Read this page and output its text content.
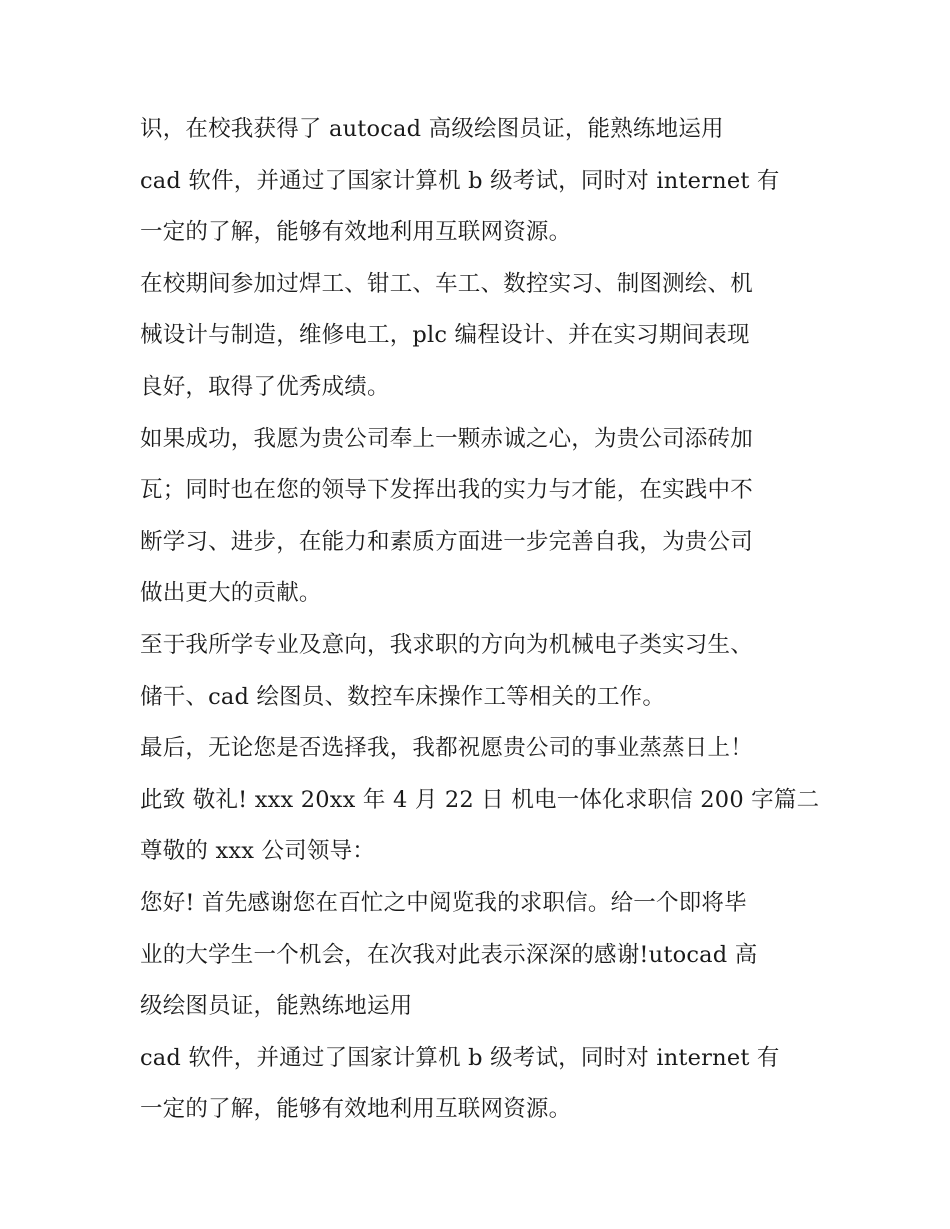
识，在校我获得了 autocad 高级绘图员证，能熟练地运用
cad 软件，并通过了国家计算机 b 级考试，同时对 internet 有
一定的了解，能够有效地利用互联网资源。
在校期间参加过焊工、钳工、车工、数控实习、制图测绘、机
械设计与制造，维修电工，plc 编程设计、并在实习期间表现
良好，取得了优秀成绩。
如果成功，我愿为贵公司奉上一颗赤诚之心，为贵公司添砖加
瓦；同时也在您的领导下发挥出我的实力与才能，在实践中不
断学习、进步，在能力和素质方面进一步完善自我，为贵公司
做出更大的贡献。
至于我所学专业及意向，我求职的方向为机械电子类实习生、
储干、cad 绘图员、数控车床操作工等相关的工作。
最后，无论您是否选择我，我都祝愿贵公司的事业蒸蒸日上！
此致 敬礼! xxx 20xx 年 4 月 22 日 机电一体化求职信 200 字篇二
尊敬的 xxx 公司领导：
您好! 首先感谢您在百忙之中阅览我的求职信。给一个即将毕
业的大学生一个机会，在次我对此表示深深的感谢!utocad 高
级绘图员证，能熟练地运用
cad 软件，并通过了国家计算机 b 级考试，同时对 internet 有
一定的了解，能够有效地利用互联网资源。
